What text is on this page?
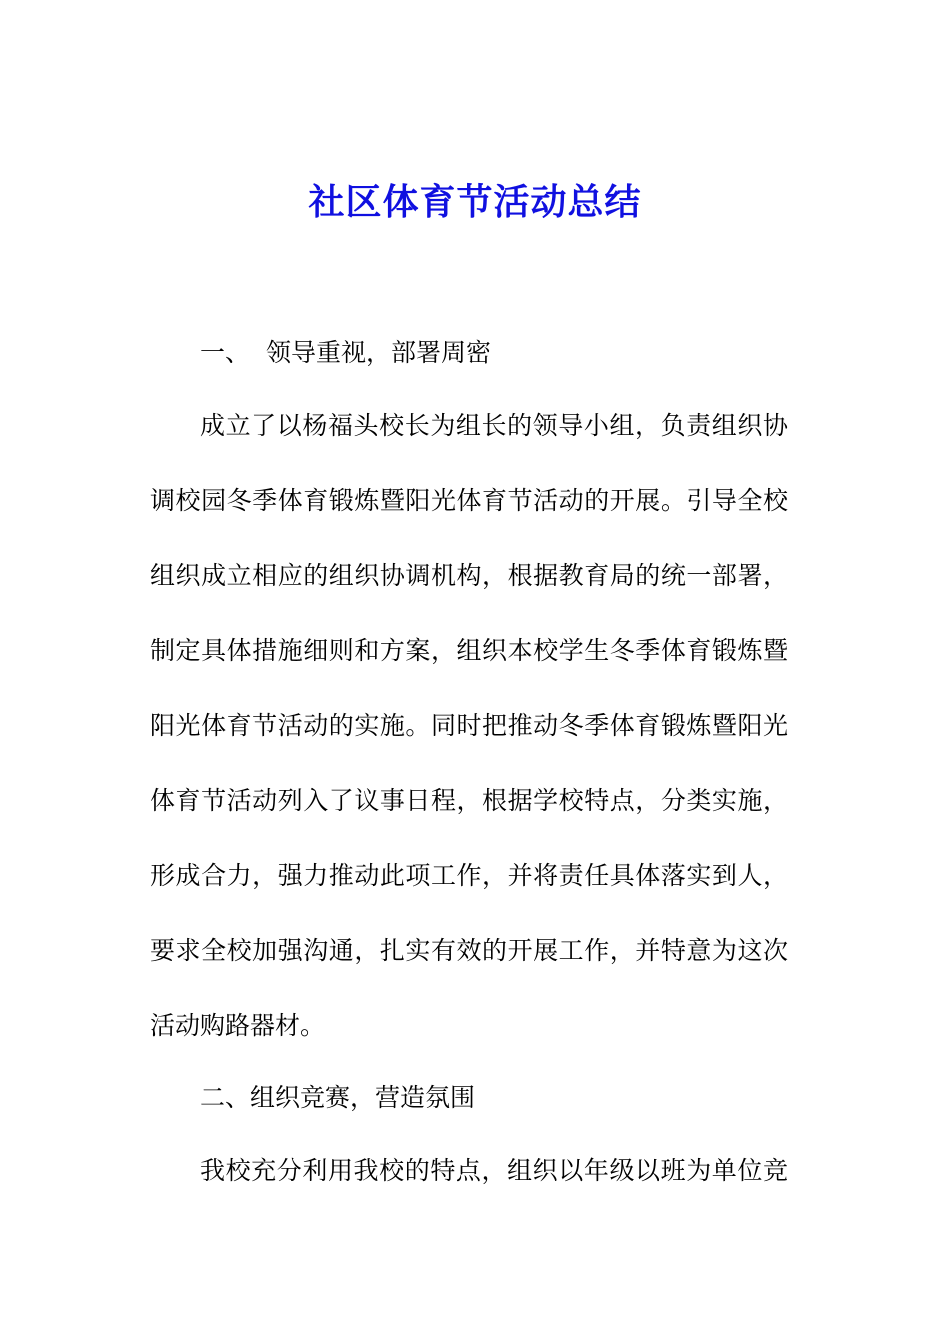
社区体育节活动总结
一、 领导重视，部署周密
成立了以杨福头校长为组长的领导小组，负责组织协
调校园冬季体育锻炼暨阳光体育节活动的开展。引导全校
组织成立相应的组织协调机构，根据教育局的统一部署，
制定具体措施细则和方案，组织本校学生冬季体育锻炼暨
阳光体育节活动的实施。同时把推动冬季体育锻炼暨阳光
体育节活动列入了议事日程，根据学校特点，分类实施，
形成合力，强力推动此项工作，并将责任具体落实到人，
要求全校加强沟通，扎实有效的开展工作，并特意为这次
活动购路器材。
二、组织竞赛，营造氛围
我校充分利用我校的特点，组织以年级以班为单位竞
